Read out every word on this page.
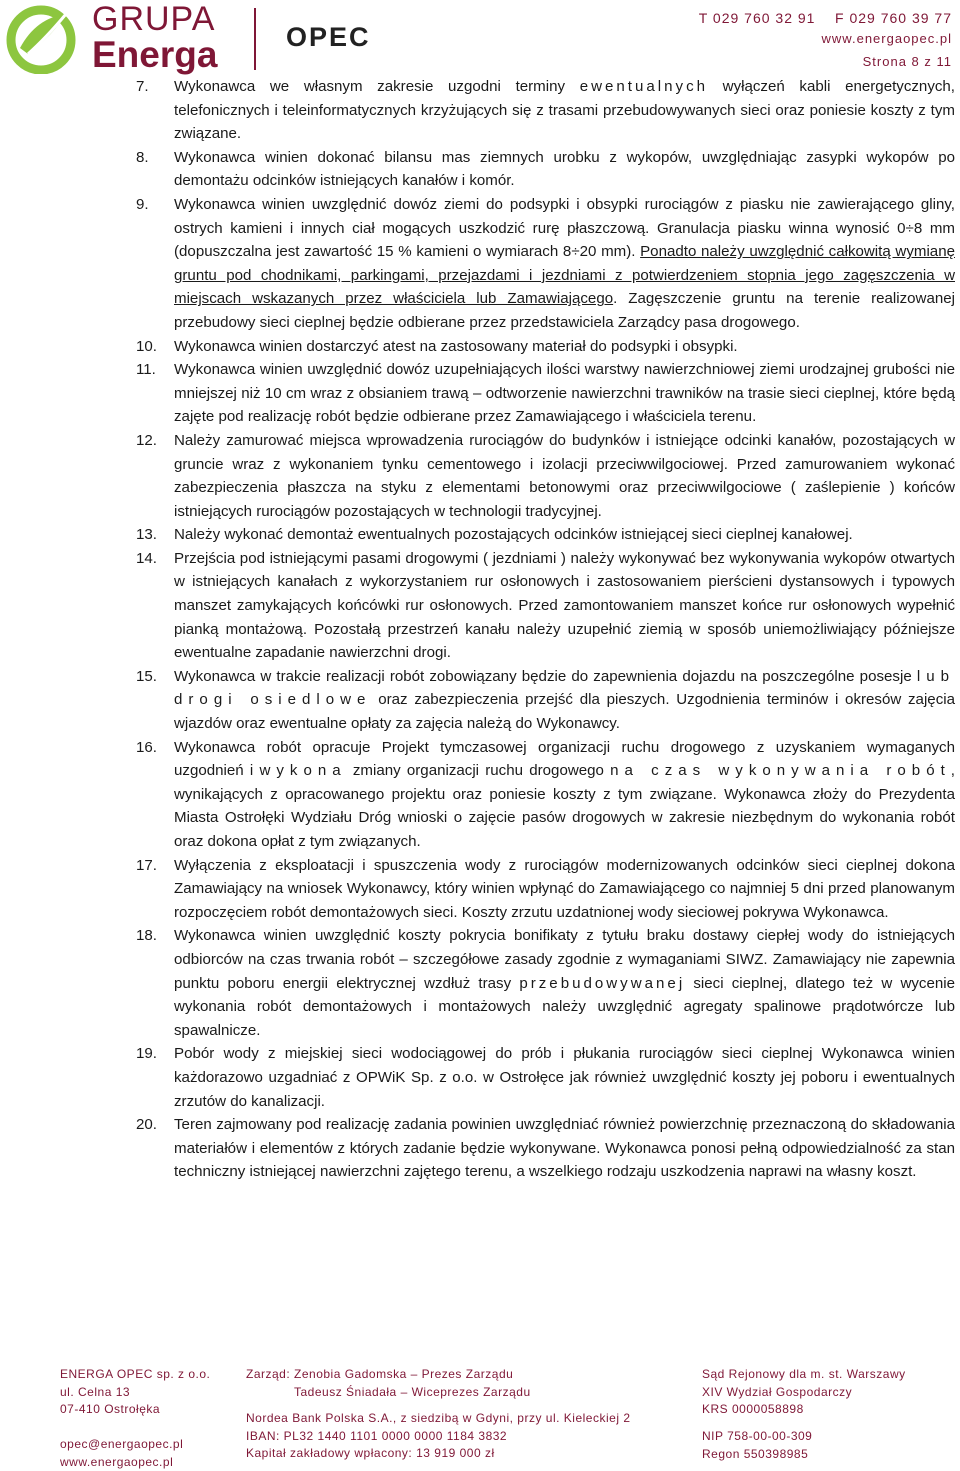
GRUPA
Energa	OPEC
T 029 760 32 91 F 029 760 39 77
www.energaopec.pl
Strona 8 z 11
7.	Wykonawca we własnym zakresie uzgodni terminy ewentualnych wyłączeń kabli energetycznych, telefonicznych i teleinformatycznych krzyżujących się z trasami przebudowywanych sieci oraz poniesie koszty z tym związane.
8.	Wykonawca winien dokonać bilansu mas ziemnych urobku z wykopów, uwzględniając zasypki wykopów po demontażu odcinków istniejących kanałów i komór.
9.	Wykonawca winien uwzględnić dowóz ziemi do podsypki i obsypki rurociągów z piasku nie zawierającego gliny, ostrych kamieni i innych ciał mogących uszkodzić rurę płaszczową. Granulacja piasku winna wynosić 0÷8 mm (dopuszczalna jest zawartość 15 % kamieni o wymiarach 8÷20 mm). Ponadto należy uwzględnić całkowitą wymianę gruntu pod chodnikami, parkingami, przejazdami i jezdniami z potwierdzeniem stopnia jego zagęszczenia w miejscach wskazanych przez właściciela lub Zamawiającego. Zagęszczenie gruntu na terenie realizowanej przebudowy sieci cieplnej będzie odbierane przez przedstawiciela Zarządcy pasa drogowego.
10.	Wykonawca winien dostarczyć atest na zastosowany materiał do podsypki i obsypki.
11.	Wykonawca winien uwzględnić dowóz uzupełniających ilości warstwy nawierzchniowej ziemi urodzajnej grubości nie mniejszej niż 10 cm wraz z obsianiem trawą – odtworzenie nawierzchni trawników na trasie sieci cieplnej, które będą zajęte pod realizację robót będzie odbierane przez Zamawiającego i właściciela terenu.
12.	Należy zamurować miejsca wprowadzenia rurociągów do budynków i istniejące odcinki kanałów, pozostających w gruncie wraz z wykonaniem tynku cementowego i izolacji przeciwwilgociowej. Przed zamurowaniem wykonać zabezpieczenia płaszcza na styku z elementami betonowymi oraz przeciwwilgociowe ( zaślepienie ) końców istniejących rurociągów pozostających w technologii tradycyjnej.
13.	Należy wykonać demontaż ewentualnych pozostających odcinków istniejącej sieci cieplnej kanałowej.
14.	Przejścia pod istniejącymi pasami drogowymi ( jezdniami ) należy wykonywać bez wykonywania wykopów otwartych w istniejących kanałach z wykorzystaniem rur osłonowych i zastosowaniem pierścieni dystansowych i typowych manszet zamykających końcówki rur osłonowych. Przed zamontowaniem manszet końce rur osłonowych wypełnić pianką montażową. Pozostałą przestrzeń kanału należy uzupełnić ziemią w sposób uniemożliwiający późniejsze ewentualne zapadanie nawierzchni drogi.
15.	Wykonawca w trakcie realizacji robót zobowiązany będzie do zapewnienia dojazdu na poszczególne posesje lub drogi osiedlowe oraz zabezpieczenia przejść dla pieszych. Uzgodnienia terminów i okresów zajęcia wjazdów oraz ewentualne opłaty za zajęcia należą do Wykonawcy.
16.	Wykonawca robót opracuje Projekt tymczasowej organizacji ruchu drogowego z uzyskaniem wymaganych uzgodnień i wykona zmiany organizacji ruchu drogowego na czas wykonywania robót, wynikających z opracowanego projektu oraz poniesie koszty z tym związane. Wykonawca złoży do Prezydenta Miasta Ostrołęki Wydziału Dróg wnioski o zajęcie pasów drogowych w zakresie niezbędnym do wykonania robót oraz dokona opłat z tym związanych.
17.	Wyłączenia z eksploatacji i spuszczenia wody z rurociągów modernizowanych odcinków sieci cieplnej dokona Zamawiający na wniosek Wykonawcy, który winien wpłynąć do Zamawiającego co najmniej 5 dni przed planowanym rozpoczęciem robót demontażowych sieci. Koszty zrzutu uzdatnionej wody sieciowej pokrywa Wykonawca.
18.	Wykonawca winien uwzględnić koszty pokrycia bonifikaty z tytułu braku dostawy ciepłej wody do istniejących odbiorców na czas trwania robót – szczegółowe zasady zgodnie z wymaganiami SIWZ. Zamawiający nie zapewnia punktu poboru energii elektrycznej wzdłuż trasy przebudowywanej sieci cieplnej, dlatego też w wycenie wykonania robót demontażowych i montażowych należy uwzględnić agregaty spalinowe prądotwórcze lub spawalnicze.
19.	Pobór wody z miejskiej sieci wodociągowej do prób i płukania rurociągów sieci cieplnej Wykonawca winien każdorazowo uzgadniać z OPWiK Sp. z o.o. w Ostrołęce jak również uwzględnić koszty jej poboru i ewentualnych zrzutów do kanalizacji.
20.	Teren zajmowany pod realizację zadania powinien uwzględniać również powierzchnię przeznaczoną do składowania materiałów i elementów z których zadanie będzie wykonywane. Wykonawca ponosi pełną odpowiedzialność za stan techniczny istniejącej nawierzchni zajętego terenu, a wszelkiego rodzaju uszkodzenia naprawi na własny koszt.
ENERGA OPEC sp. z o.o.
ul. Celna 13
07-410 Ostrołęka
opec@energaopec.pl
www.energaopec.pl
Zarząd: Zenobia Gadomska – Prezes Zarządu
Tadeusz Śniadała – Wiceprezes Zarządu
Nordea Bank Polska S.A., z siedzibą w Gdyni, przy ul. Kieleckiej 2
IBAN: PL32 1440 1101 0000 0000 1184 3832
Kapitał zakładowy wpłacony: 13 919 000 zł
Sąd Rejonowy dla m. st. Warszawy
XIV Wydział Gospodarczy
KRS 0000058898
NIP 758-00-00-309
Regon 550398985
